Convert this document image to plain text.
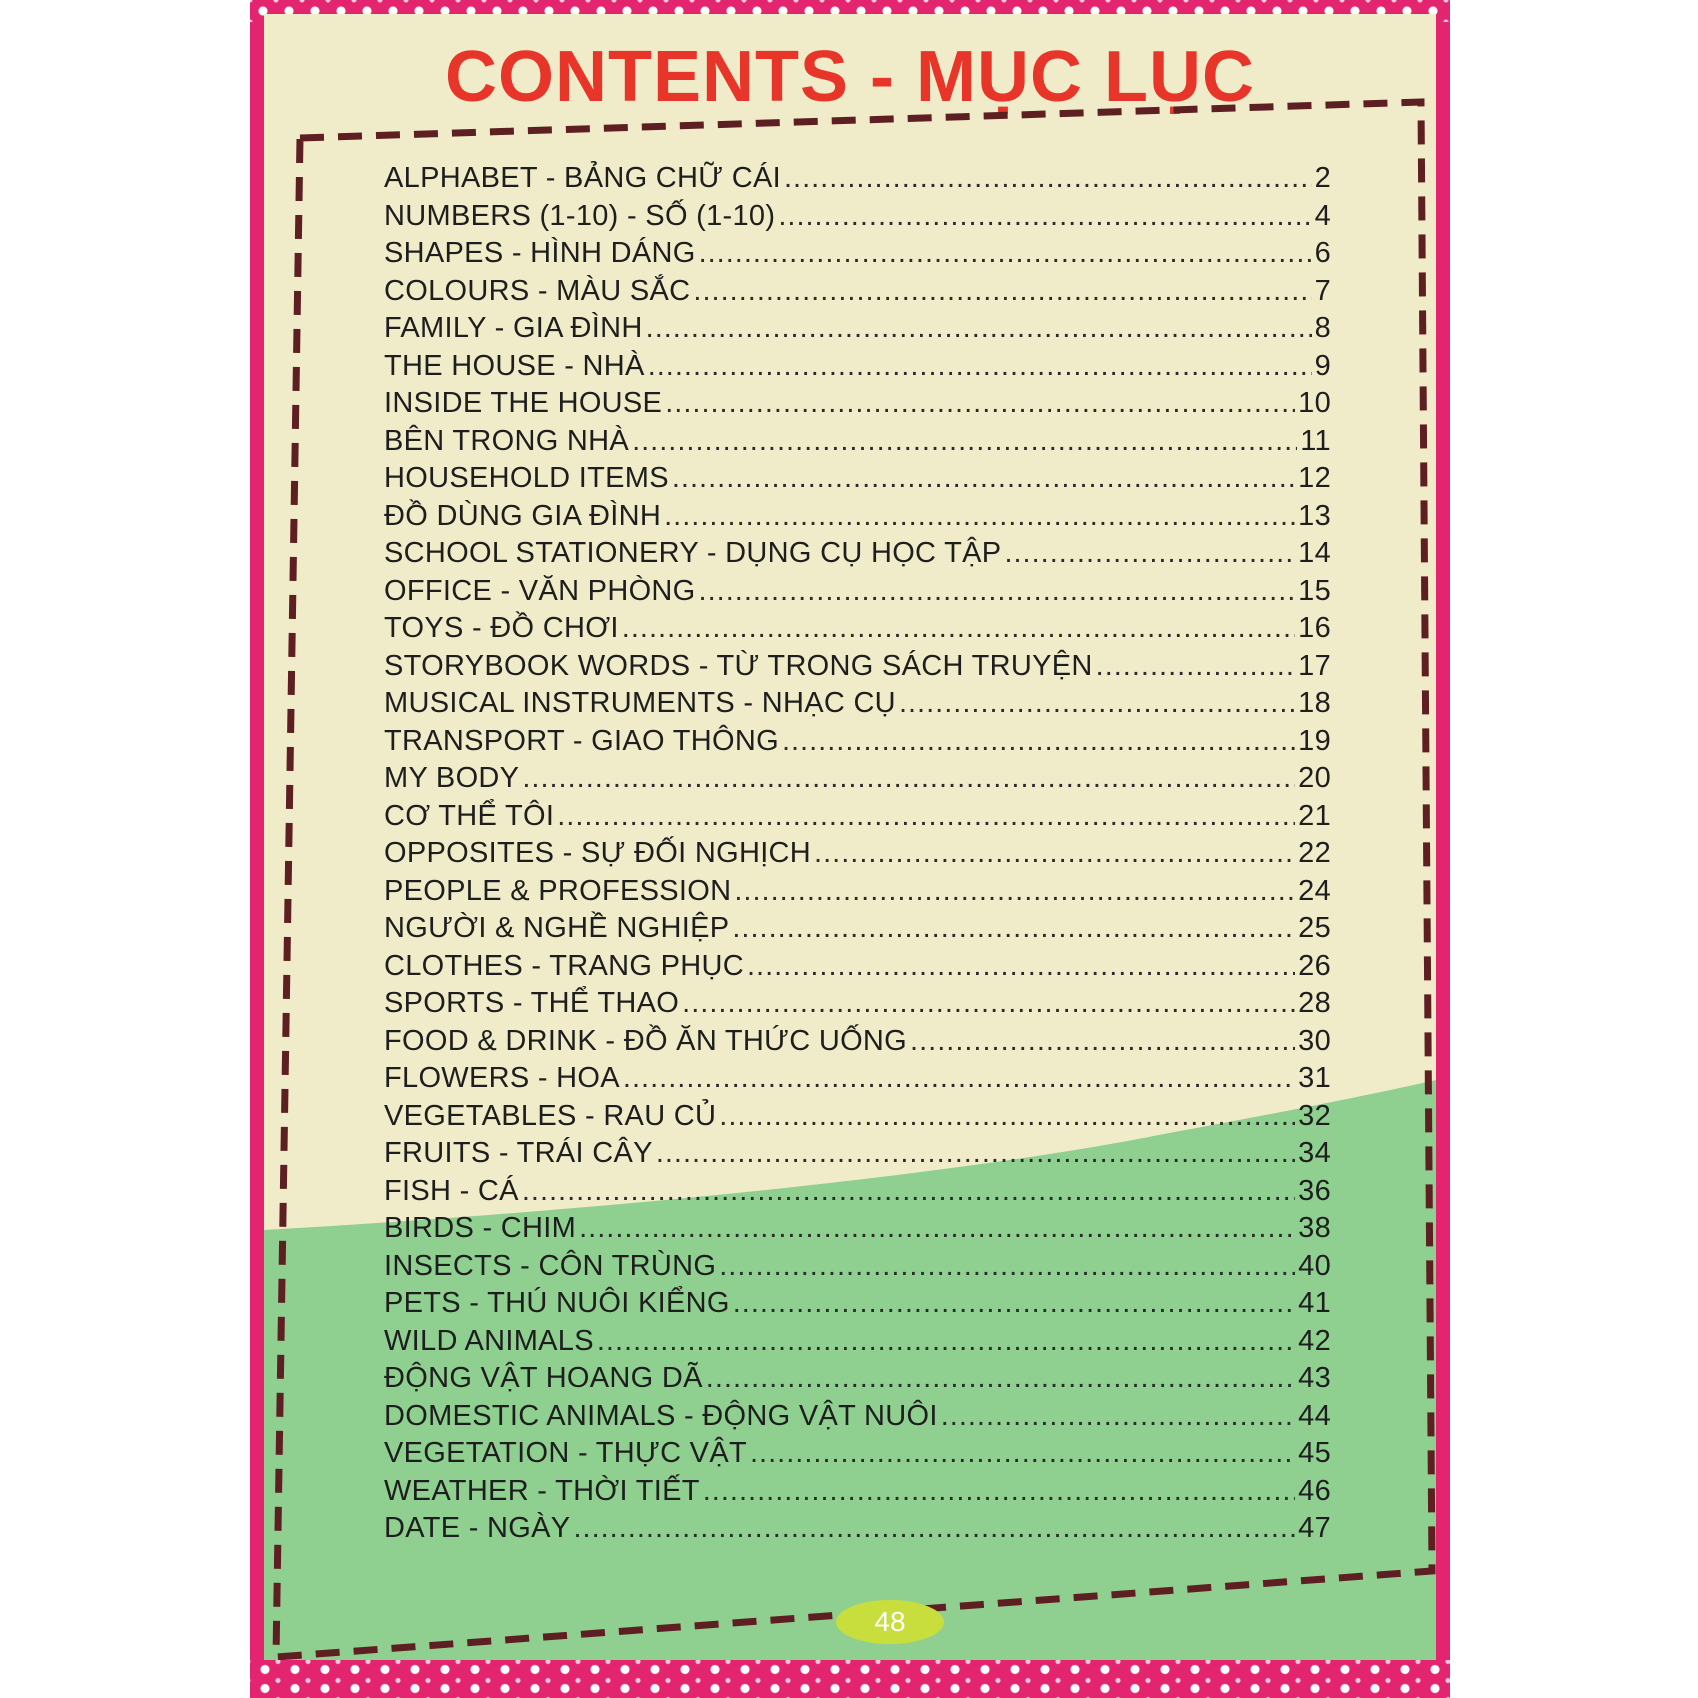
CONTENTS - MỤC LỤC
ALPHABET - BẢNG CHỮ CÁI .....	2
NUMBERS (1-10) - SỐ (1-10) .....	4
SHAPES - HÌNH DÁNG .....	6
COLOURS - MÀU SẮC .....	7
FAMILY - GIA ĐÌNH .....	8
THE HOUSE - NHÀ .....	9
INSIDE THE HOUSE .....	10
BÊN TRONG NHÀ .....	11
HOUSEHOLD ITEMS .....	12
ĐỒ DÙNG GIA ĐÌNH .....	13
SCHOOL STATIONERY - DỤNG CỤ HỌC TẬP .....	14
OFFICE - VĂN PHÒNG .....	15
TOYS - ĐỒ CHƠI .....	16
STORYBOOK WORDS - TỪ TRONG SÁCH TRUYỆN .....	17
MUSICAL INSTRUMENTS - NHẠC CỤ .....	18
TRANSPORT - GIAO THÔNG .....	19
MY BODY .....	20
CƠ THỂ TÔI .....	21
OPPOSITES - SỰ ĐỐI NGHỊCH .....	22
PEOPLE & PROFESSION .....	24
NGƯỜI & NGHỀ NGHIỆP .....	25
CLOTHES - TRANG PHỤC .....	26
SPORTS - THỂ THAO .....	28
FOOD & DRINK - ĐỒ ĂN THỨC UỐNG .....	30
FLOWERS - HOA .....	31
VEGETABLES - RAU CỦ .....	32
FRUITS - TRÁI CÂY .....	34
FISH - CÁ .....	36
BIRDS - CHIM .....	38
INSECTS - CÔN TRÙNG .....	40
PETS - THÚ NUÔI KIỂNG .....	41
WILD ANIMALS .....	42
ĐỘNG VẬT HOANG DÃ .....	43
DOMESTIC ANIMALS - ĐỘNG VẬT NUÔI .....	44
VEGETATION - THỰC VẬT .....	45
WEATHER - THỜI TIẾT .....	46
DATE - NGÀY .....	47
48
